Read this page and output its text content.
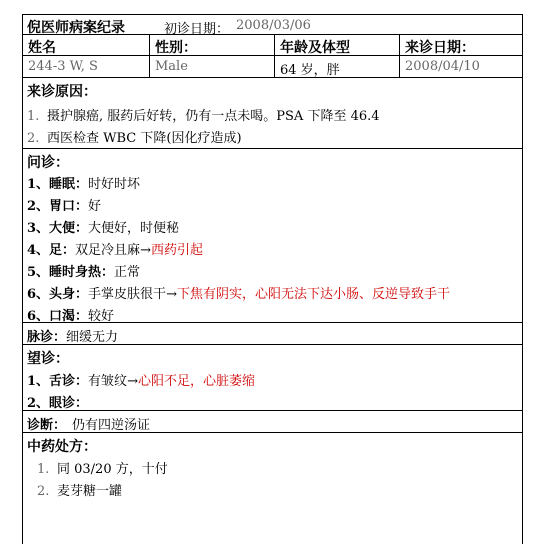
倪医师病案纪录	初诊日期： 2008/03/06
姓名	性别：	年龄及体型	来诊日期：
244-3 W, S	Male	64 岁，胖	2008/04/10
来诊原因：
1. 摄护腺癌, 服药后好转，仍有一点未喝。PSA 下降至 46.4
2. 西医检查 WBC 下降(因化疗造成)
问诊：
1、睡眠：时好时坏
2、胃口：好
3、大便：大便好，时便秘
4、足：双足冷且麻→西药引起
5、睡时身热：正常
6、头身：手掌皮肤很干→下焦有阴实，心阳无法下达小肠、反逆导致手干
6、口渴：较好
脉诊：细缓无力
望诊：
1、舌诊：有皱纹→心阳不足，心脏萎缩
2、眼诊：
诊断： 仍有四逆汤证
中药处方：
1. 同 03/20 方，十付
2. 麦芽糖一罐
